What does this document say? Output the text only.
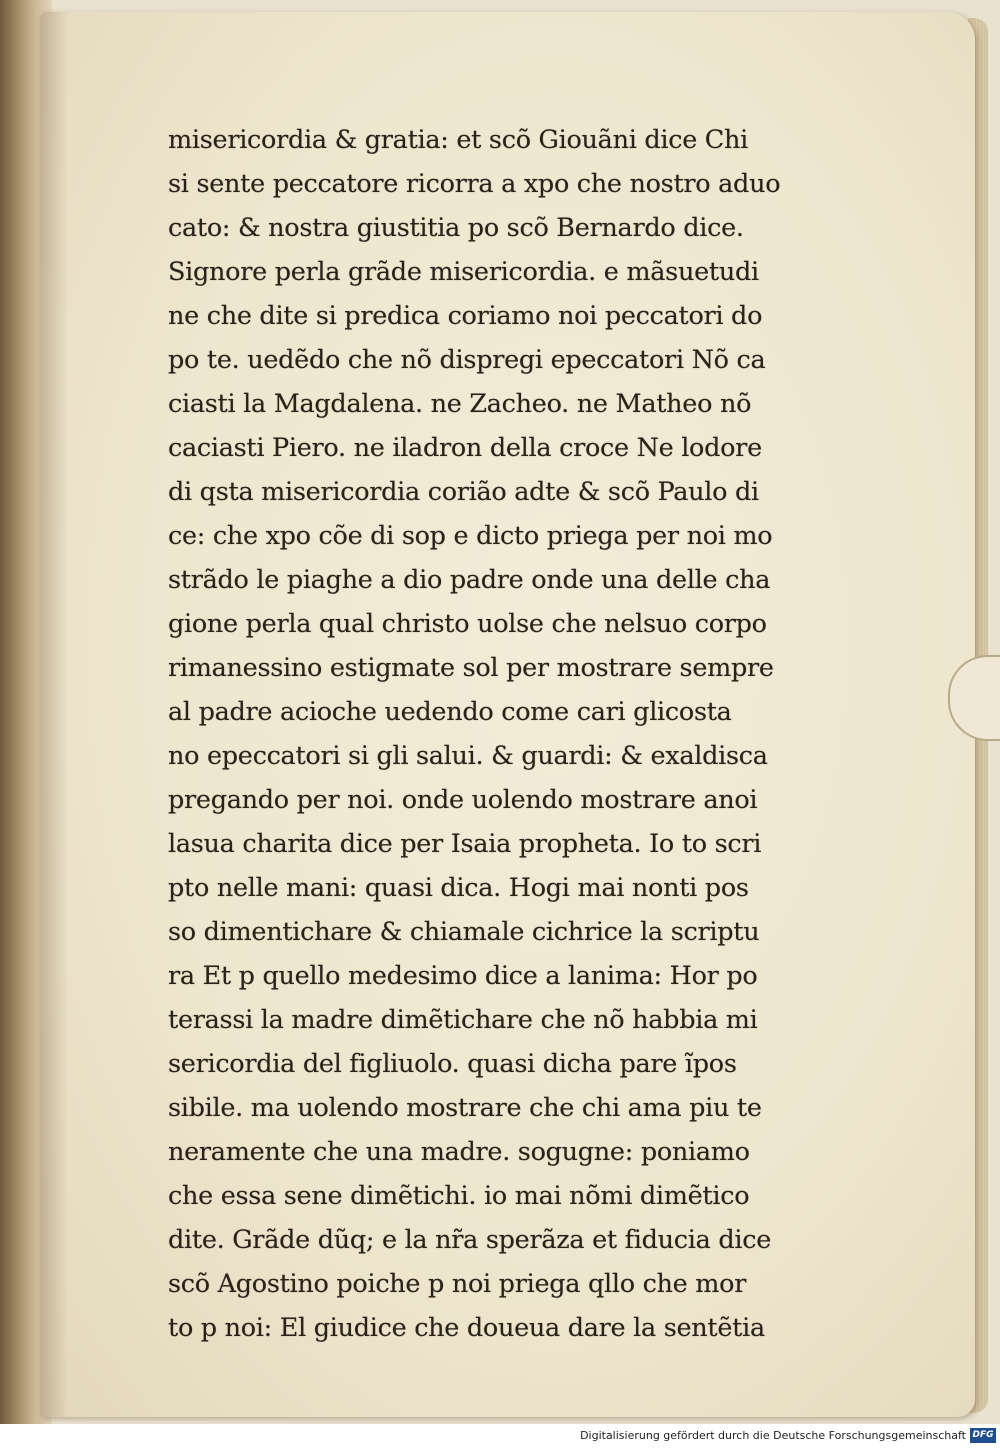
misericordia & gratia: et scõ Giouãni dice Chi
si sente peccatore ricorra a xpo che nostro aduo
cato: & nostra giustitia po scõ Bernardo dice.
Signore perla grãde misericordia. e mãsuetudi
ne che dite si predica coriamo noi peccatori do
po te. uedẽdo che nõ dispregi epeccatori Nõ ca
ciasti la Magdalena. ne Zacheo. ne Matheo nõ
caciasti Piero. ne iladron della croce Ne lodore
di qsta misericordia corião adte & scõ Paulo di
ce: che xpo cõe di sop e dicto priega per noi mo
strãdo le piaghe a dio padre onde una delle cha
gione perla qual christo uolse che nelsuo corpo
rimanessino estigmate sol per mostrare sempre
al padre acioche uedendo come cari glicosta
no epeccatori si gli salui. & guardi: & exaldisca
pregando per noi. onde uolendo mostrare anoi
lasua charita dice per Isaia propheta. Io to scri
pto nelle mani: quasi dica. Hogi mai nonti pos
so dimentichare & chiamale cichrice la scriptu
ra Et p quello medesimo dice a lanima: Hor po
terassi la madre dimẽtichare che nõ habbia mi
sericordia del figliuolo. quasi dicha pare ĩpos
sibile. ma uolendo mostrare che chi ama piu te
neramente che una madre. sogugne: poniamo
che essa sene dimẽtichi. io mai nõmi dimẽtico
dite. Grãde dũq; e la nr̃a sperãza et fiducia dice
scõ Agostino poiche p noi priega qllo che mor
to p noi: El giudice che doueua dare la sentẽtia
Digitalisierung gefördert durch die Deutsche Forschungsgemeinschaft DFG
